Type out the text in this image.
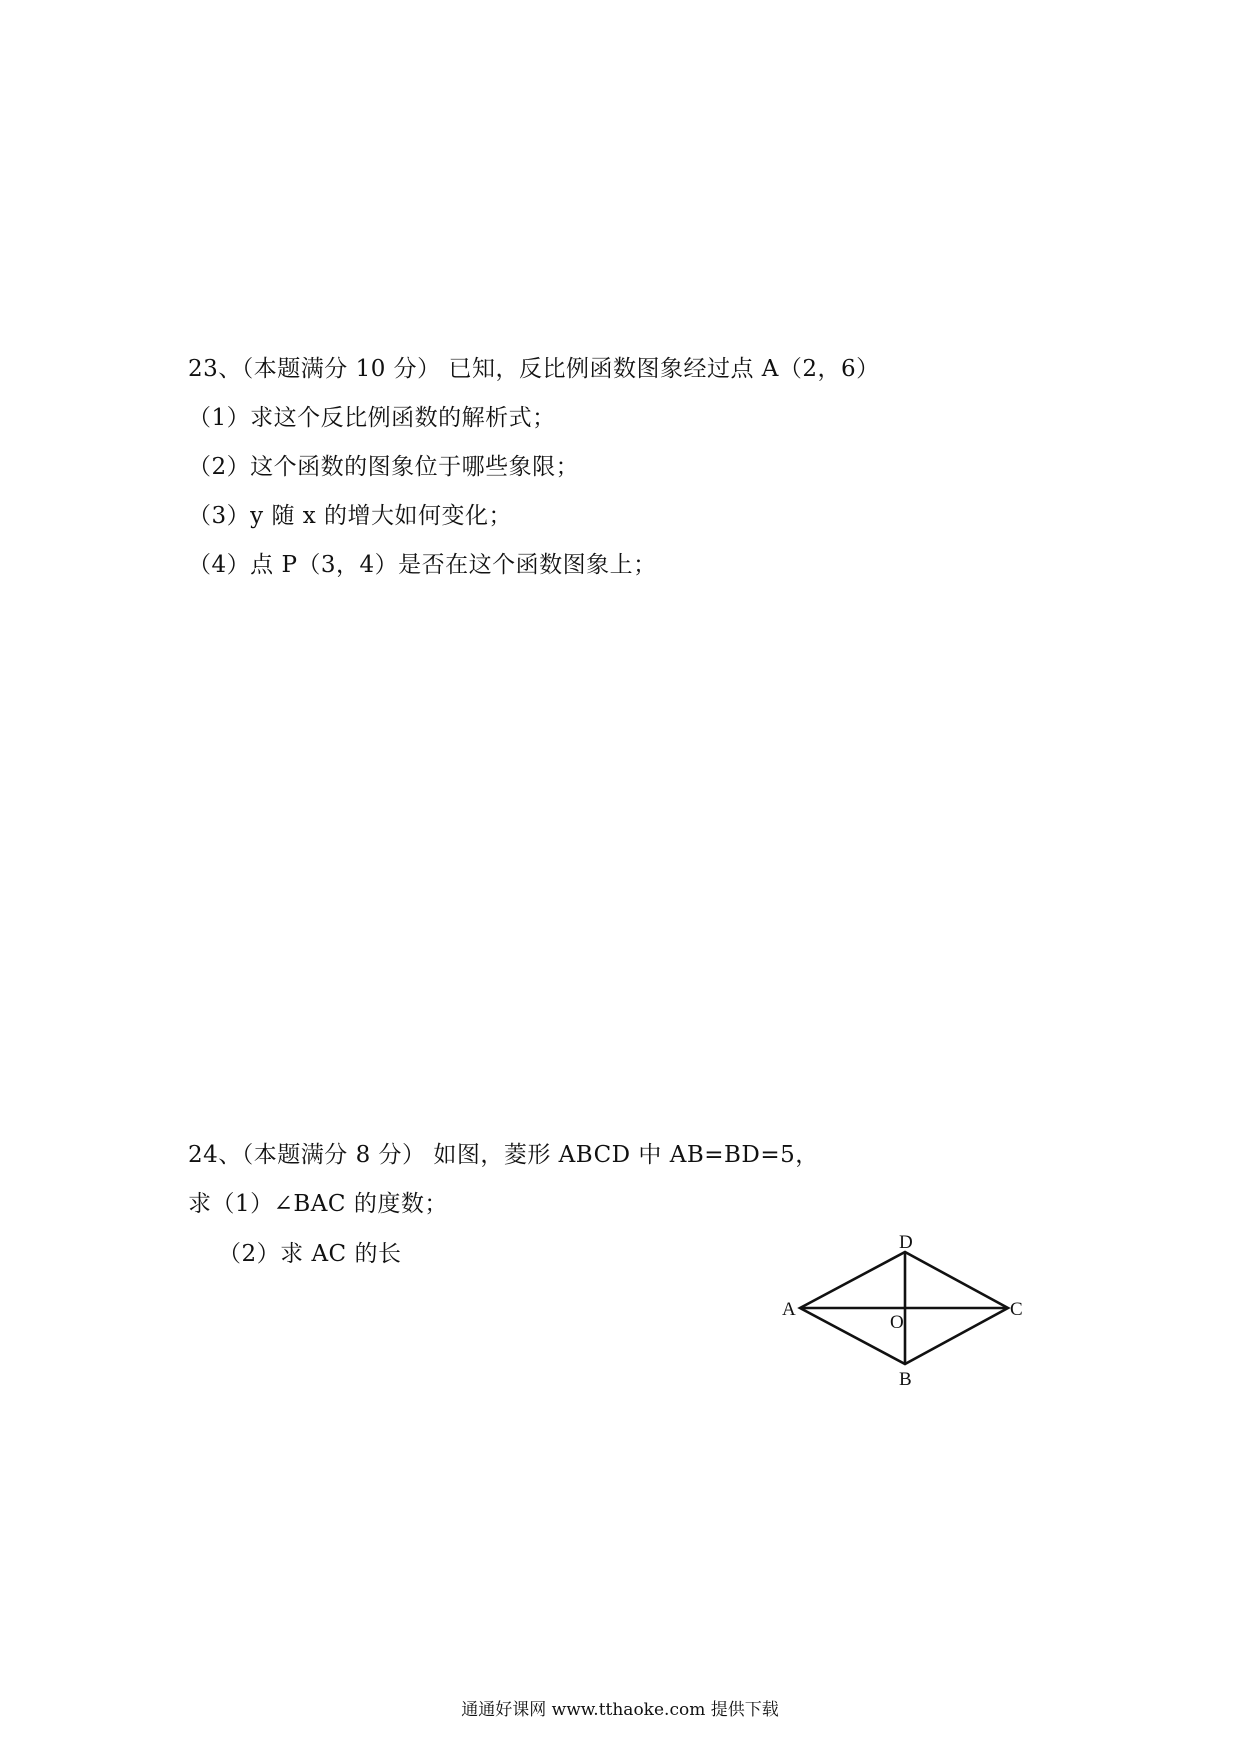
23、（本题满分 10 分） 已知，反比例函数图象经过点 A（2，6）
（1）求这个反比例函数的解析式；
（2）这个函数的图象位于哪些象限；
（3）y 随 x 的增大如何变化；
（4）点 P（3，4）是否在这个函数图象上；
24、（本题满分 8 分） 如图，菱形 ABCD 中 AB=BD=5，
求（1）∠BAC 的度数；
（2）求 AC 的长
A
D
C
B
O
通通好课网 www.tthaoke.com 提供下载
